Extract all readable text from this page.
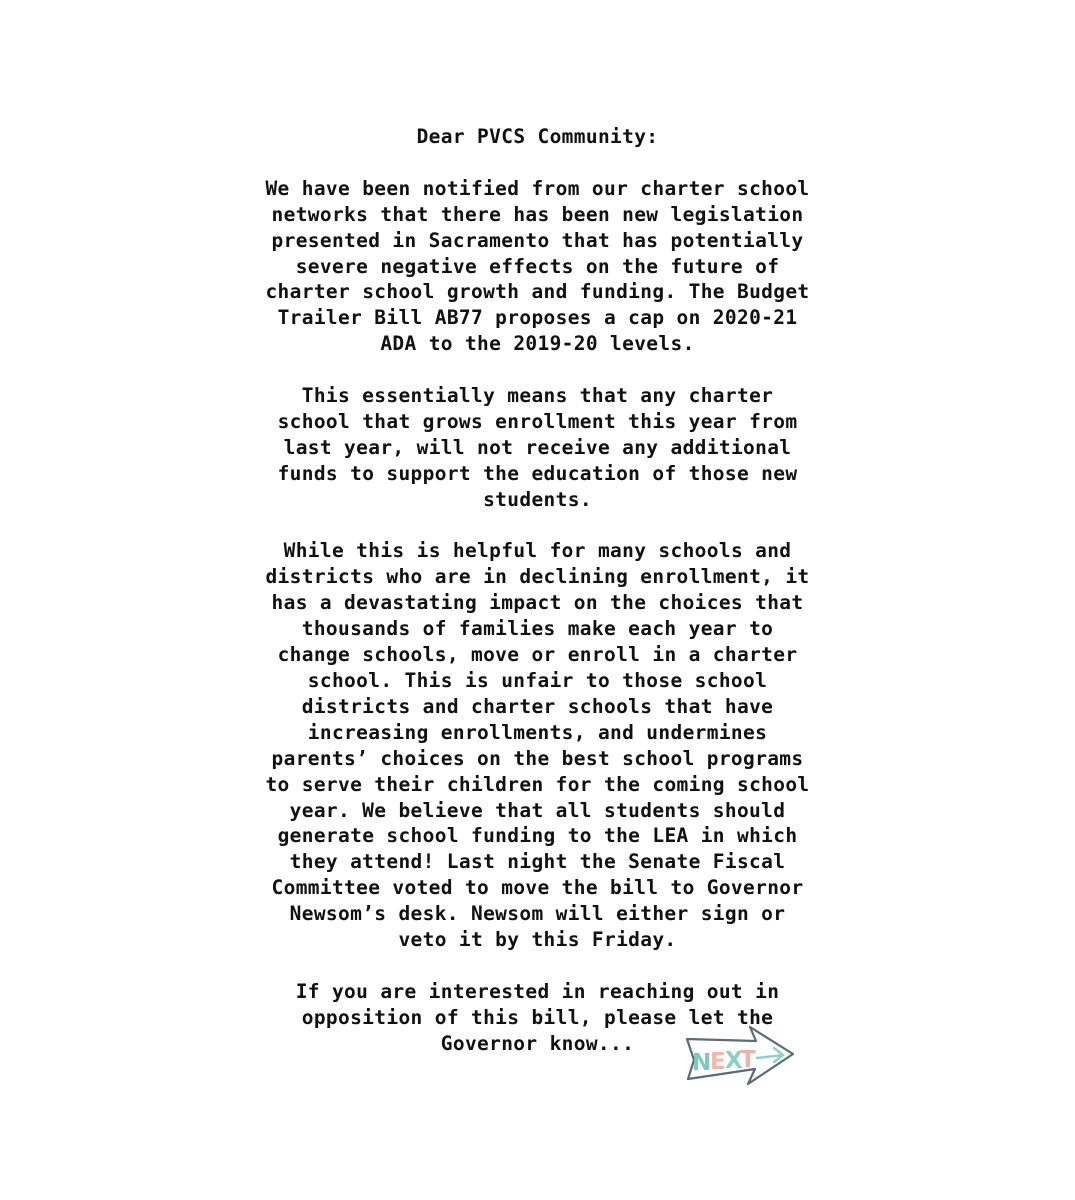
Dear PVCS Community:

We have been notified from our charter school
networks that there has been new legislation
presented in Sacramento that has potentially
severe negative effects on the future of
charter school growth and funding. The Budget
Trailer Bill AB77 proposes a cap on 2020-21
ADA to the 2019-20 levels.

This essentially means that any charter
school that grows enrollment this year from
last year, will not receive any additional
funds to support the education of those new
students.

While this is helpful for many schools and
districts who are in declining enrollment, it
has a devastating impact on the choices that
thousands of families make each year to
change schools, move or enroll in a charter
school. This is unfair to those school
districts and charter schools that have
increasing enrollments, and undermines
parents’ choices on the best school programs
to serve their children for the coming school
year. We believe that all students should
generate school funding to the LEA in which
they attend! Last night the Senate Fiscal
Committee voted to move the bill to Governor
Newsom’s desk. Newsom will either sign or
veto it by this Friday.

If you are interested in reaching out in
opposition of this bill, please let the
Governor know...

N
E X
T
